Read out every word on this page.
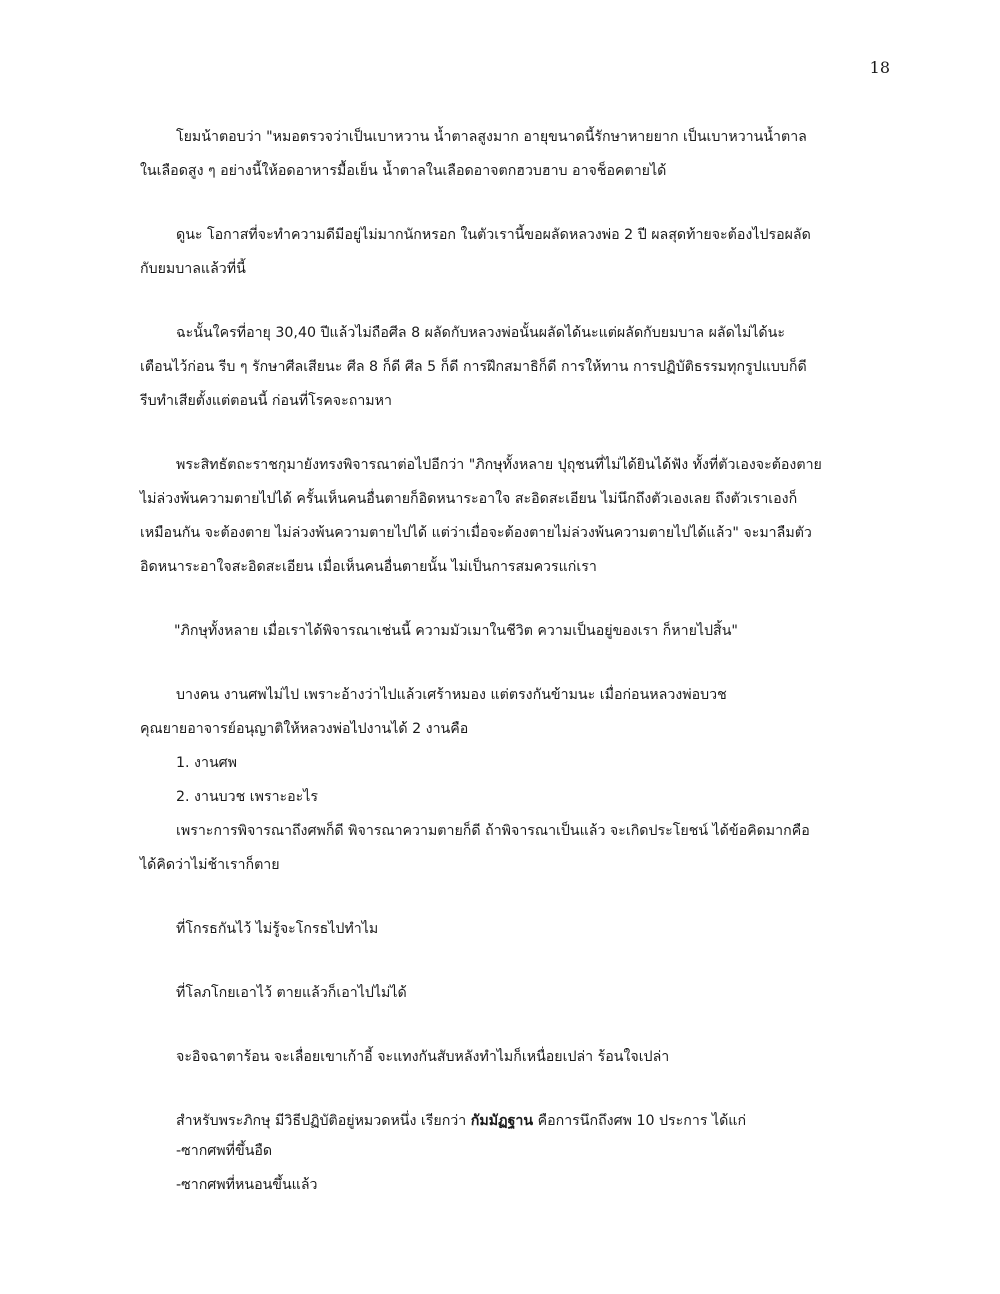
18

โยมน้าตอบว่า "หมอตรวจว่าเป็นเบาหวาน น้ำตาลสูงมาก อายุขนาดนี้รักษาหายยาก เป็นเบาหวานน้ำตาล
ในเลือดสูง ๆ อย่างนี้ให้อดอาหารมื้อเย็น น้ำตาลในเลือดอาจตกฮวบฮาบ อาจช็อคตายได้

ดูนะ โอกาสที่จะทำความดีมีอยู่ไม่มากนักหรอก ในตัวเรานี้ขอผลัดหลวงพ่อ 2 ปี ผลสุดท้ายจะต้องไปรอผลัด
กับยมบาลแล้วที่นี้

ฉะนั้นใครที่อายุ 30,40 ปีแล้วไม่ถือศีล 8 ผลัดกับหลวงพ่อนั้นผลัดได้นะแต่ผลัดกับยมบาล ผลัดไม่ได้นะ
เตือนไว้ก่อน รีบ ๆ รักษาศีลเสียนะ ศีล 8 ก็ดี ศีล 5 ก็ดี การฝึกสมาธิก็ดี การให้ทาน การปฏิบัติธรรมทุกรูปแบบก็ดี
รีบทำเสียตั้งแต่ตอนนี้ ก่อนที่โรคจะถามหา

พระสิทธัตถะราชกุมายังทรงพิจารณาต่อไปอีกว่า "ภิกษุทั้งหลาย ปุถุชนที่ไม่ได้ยินได้ฟัง ทั้งที่ตัวเองจะต้องตาย
ไม่ล่วงพ้นความตายไปได้ ครั้นเห็นคนอื่นตายก็อิดหนาระอาใจ สะอิดสะเอียน ไม่นึกถึงตัวเองเลย ถึงตัวเราเองก็
เหมือนกัน จะต้องตาย ไม่ล่วงพ้นความตายไปได้ แต่ว่าเมื่อจะต้องตายไม่ล่วงพ้นความตายไปได้แล้ว" จะมาลืมตัว
อิดหนาระอาใจสะอิดสะเอียน เมื่อเห็นคนอื่นตายนั้น ไม่เป็นการสมควรแก่เรา

"ภิกษุทั้งหลาย เมื่อเราได้พิจารณาเช่นนี้ ความมัวเมาในชีวิต ความเป็นอยู่ของเรา ก็หายไปสิ้น"

บางคน งานศพไม่ไป เพราะอ้างว่าไปแล้วเศร้าหมอง แต่ตรงกันข้ามนะ เมื่อก่อนหลวงพ่อบวช
คุณยายอาจารย์อนุญาติให้หลวงพ่อไปงานได้ 2 งานคือ

1. งานศพ

2. งานบวช เพราะอะไร

เพราะการพิจารณาถึงศพก็ดี พิจารณาความตายก็ดี ถ้าพิจารณาเป็นแล้ว จะเกิดประโยชน์ ได้ข้อคิดมากคือ
ได้คิดว่าไม่ช้าเราก็ตาย

ที่โกรธกันไว้ ไม่รู้จะโกรธไปทำไม

ที่โลภโกยเอาไว้ ตายแล้วก็เอาไปไม่ได้

จะอิจฉาตาร้อน จะเลื่อยเขาเก้าอี้ จะแทงกันสับหลังทำไมก็เหนื่อยเปล่า ร้อนใจเปล่า

สำหรับพระภิกษุ มีวิธีปฏิบัติอยู่หมวดหนึ่ง เรียกว่า กัมมัฏฐาน คือการนึกถึงศพ 10 ประการ ได้แก่

-ซากศพที่ขึ้นอืด

-ซากศพที่หนอนขึ้นแล้ว
